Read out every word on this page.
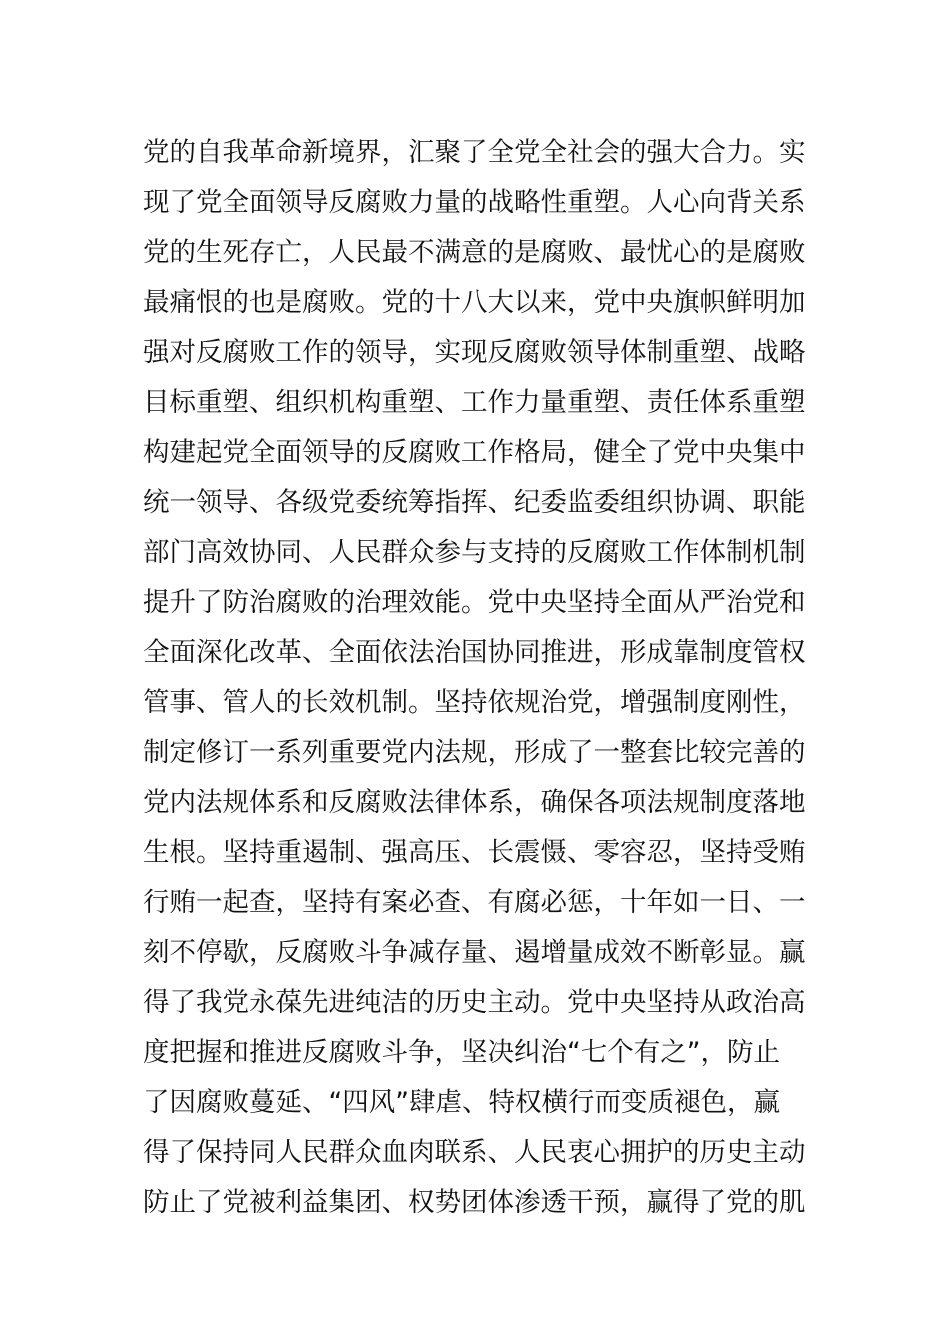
党的自我革命新境界，汇聚了全党全社会的强大合力。实
现了党全面领导反腐败力量的战略性重塑。人心向背关系
党的生死存亡，人民最不满意的是腐败、最忧心的是腐败
最痛恨的也是腐败。党的十八大以来，党中央旗帜鲜明加
强对反腐败工作的领导，实现反腐败领导体制重塑、战略
目标重塑、组织机构重塑、工作力量重塑、责任体系重塑
构建起党全面领导的反腐败工作格局，健全了党中央集中
统一领导、各级党委统筹指挥、纪委监委组织协调、职能
部门高效协同、人民群众参与支持的反腐败工作体制机制
提升了防治腐败的治理效能。党中央坚持全面从严治党和
全面深化改革、全面依法治国协同推进，形成靠制度管权
管事、管人的长效机制。坚持依规治党，增强制度刚性，
制定修订一系列重要党内法规，形成了一整套比较完善的
党内法规体系和反腐败法律体系，确保各项法规制度落地
生根。坚持重遏制、强高压、长震慑、零容忍，坚持受贿
行贿一起查，坚持有案必查、有腐必惩，十年如一日、一
刻不停歇，反腐败斗争减存量、遏增量成效不断彰显。赢
得了我党永葆先进纯洁的历史主动。党中央坚持从政治高
度把握和推进反腐败斗争，坚决纠治“七个有之”，防止
了因腐败蔓延、“四风”肆虐、特权横行而变质褪色，赢
得了保持同人民群众血肉联系、人民衷心拥护的历史主动
防止了党被利益集团、权势团体渗透干预，赢得了党的肌
